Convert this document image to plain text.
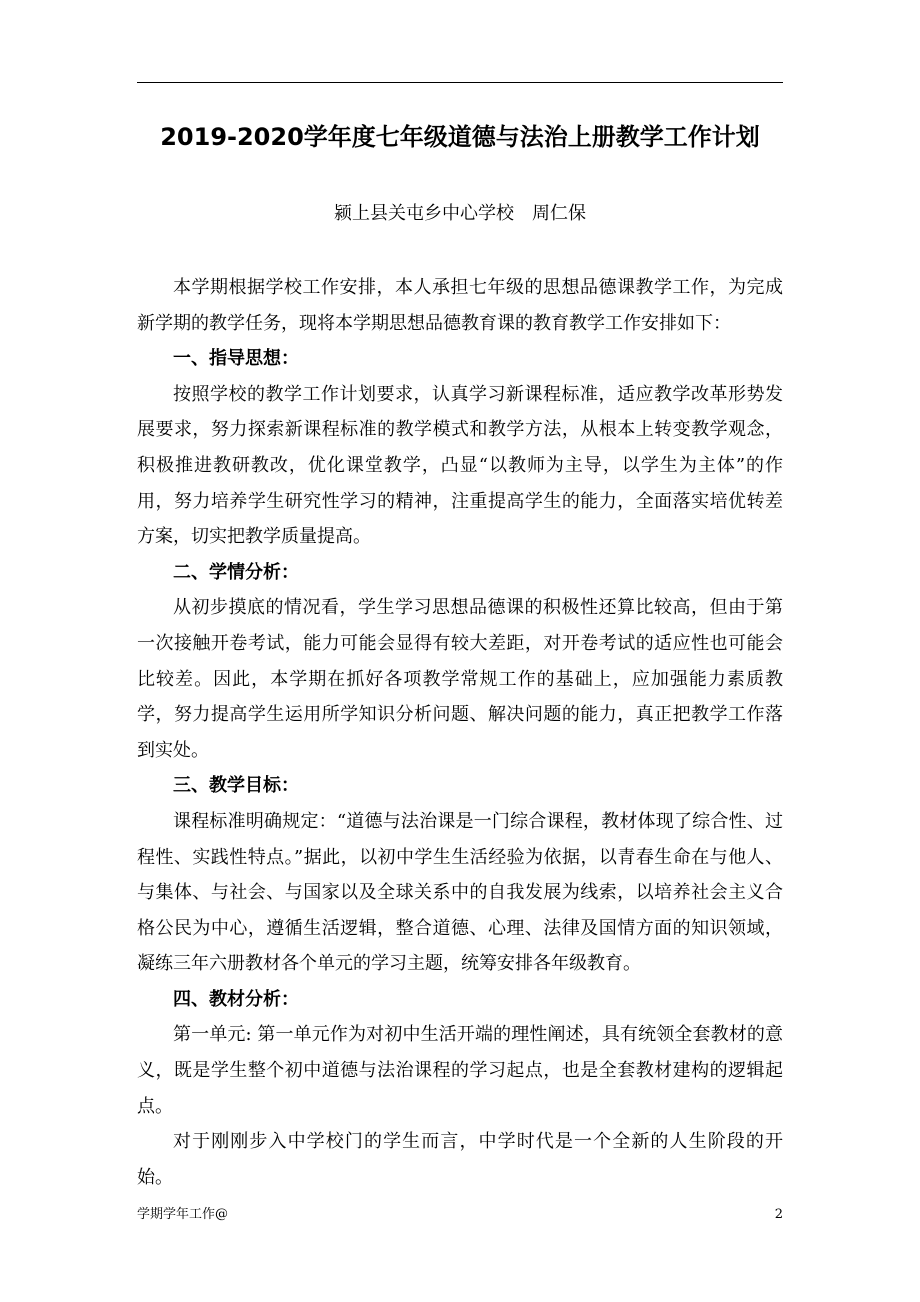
2019-2020学年度七年级道德与法治上册教学工作计划
颍上县关屯乡中心学校　周仁保

本学期根据学校工作安排，本人承担七年级的思想品德课教学工作，为完成新学期的教学任务，现将本学期思想品德教育课的教育教学工作安排如下：

一、指导思想：

按照学校的教学工作计划要求，认真学习新课程标准，适应教学改革形势发展要求，努力探索新课程标准的教学模式和教学方法，从根本上转变教学观念，积极推进教研教改，优化课堂教学，凸显“以教师为主导，以学生为主体”的作用，努力培养学生研究性学习的精神，注重提高学生的能力，全面落实培优转差方案，切实把教学质量提高。

二、学情分析：

从初步摸底的情况看，学生学习思想品德课的积极性还算比较高，但由于第一次接触开卷考试，能力可能会显得有较大差距，对开卷考试的适应性也可能会比较差。因此，本学期在抓好各项教学常规工作的基础上，应加强能力素质教学，努力提高学生运用所学知识分析问题、解决问题的能力，真正把教学工作落到实处。

三、教学目标：

课程标准明确规定：“道德与法治课是一门综合课程，教材体现了综合性、过程性、实践性特点。”据此，以初中学生生活经验为依据，以青春生命在与他人、与集体、与社会、与国家以及全球关系中的自我发展为线索，以培养社会主义合格公民为中心，遵循生活逻辑，整合道德、心理、法律及国情方面的知识领域，凝练三年六册教材各个单元的学习主题，统筹安排各年级教育。

四、教材分析：

第一单元: 第一单元作为对初中生活开端的理性阐述，具有统领全套教材的意义，既是学生整个初中道德与法治课程的学习起点，也是全套教材建构的逻辑起点。

对于刚刚步入中学校门的学生而言，中学时代是一个全新的人生阶段的开始。

学期学年工作@	2
